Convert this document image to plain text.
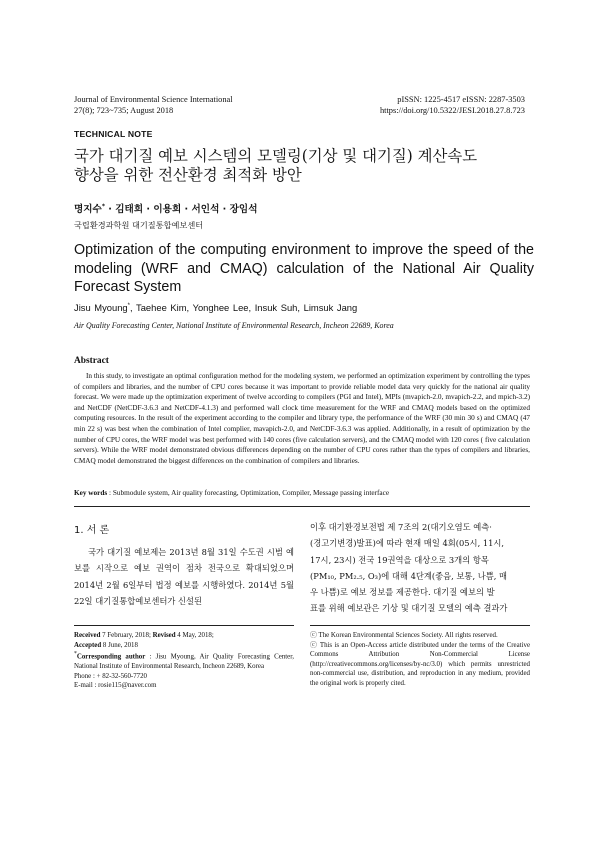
Journal of Environmental Science International
27(8); 723~735; August 2018
pISSN: 1225-4517 eISSN: 2287-3503
https://doi.org/10.5322/JESI.2018.27.8.723
TECHNICAL NOTE
국가 대기질 예보 시스템의 모델링(기상 및 대기질) 계산속도
향상을 위한 전산환경 최적화 방안
명지수* · 김태희 · 이용희 · 서인석 · 장임석
국립환경과학원 대기질통합예보센터
Optimization of the computing environment to improve the speed of the modeling (WRF and CMAQ) calculation of the National Air Quality Forecast System
Jisu Myoung*, Taehee Kim, Yonghee Lee, Insuk Suh, Limsuk Jang
Air Quality Forecasting Center, National Institute of Environmental Research, Incheon 22689, Korea
Abstract
In this study, to investigate an optimal configuration method for the modeling system, we performed an optimization experiment by controlling the types of compilers and libraries, and the number of CPU cores because it was important to provide reliable model data very quickly for the national air quality forecast. We were made up the optimization experiment of twelve according to compilers (PGI and Intel), MPIs (mvapich-2.0, mvapich-2.2, and mpich-3.2) and NetCDF (NetCDF-3.6.3 and NetCDF-4.1.3) and performed wall clock time measurement for the WRF and CMAQ models based on the optimized computing resources. In the result of the experiment according to the compiler and library type, the performance of the WRF (30 min 30 s) and CMAQ (47 min 22 s) was best when the combination of Intel complier, mavapich-2.0, and NetCDF-3.6.3 was applied. Additionally, in a result of optimization by the number of CPU cores, the WRF model was best performed with 140 cores (five calculation servers), and the CMAQ model with 120 cores ( five calculation servers). While the WRF model demonstrated obvious differences depending on the number of CPU cores rather than the types of compilers and libraries, CMAQ model demonstrated the biggest differences on the combination of compilers and libraries.
Key words : Submodule system, Air quality forecasting, Optimization, Compiler, Message passing interface
1. 서 론
국가 대기질 예보제는 2013년 8월 31일 수도권 시범 예보를 시작으로 예보 권역이 점차 전국으로 확대되었으며 2014년 2월 6일부터 법정 예보를 시행하였다. 2014년 5월 22일 대기질통합예보센터가 신설된
이후 대기환경보전법 제 7조의 2(대기오염도 예측·
(경고기변경)발표)에 따라 현재 매일 4회(05시, 11시,
17시, 23시) 전국 19권역을 대상으로 3개의 항목
(PM₁₀, PM₂.₅, O₃)에 대해 4단계(좋음, 보통, 나쁨, 매
우 나쁨)로 예보 정보를 제공한다. 대기질 예보의 발
표를 위해 예보관은 기상 및 대기질 모델의 예측 결과가
Received 7 February, 2018; Revised 4 May, 2018;
Accepted 8 June, 2018
*Corresponding author : Jisu Myoung, Air Quality Forecasting Center, National Institute of Environmental Research, Incheon 22689, Korea
Phone : + 82-32-560-7720
E-mail : rosie115@naver.com
ⓒ The Korean Environmental Sciences Society. All rights reserved.
ⓒ This is an Open-Access article distributed under the terms of the Creative Commons Attribution Non-Commercial License (http://creativecommons.org/licenses/by-nc/3.0) which permits unrestricted non-commercial use, distribution, and reproduction in any medium, provided the original work is properly cited.
